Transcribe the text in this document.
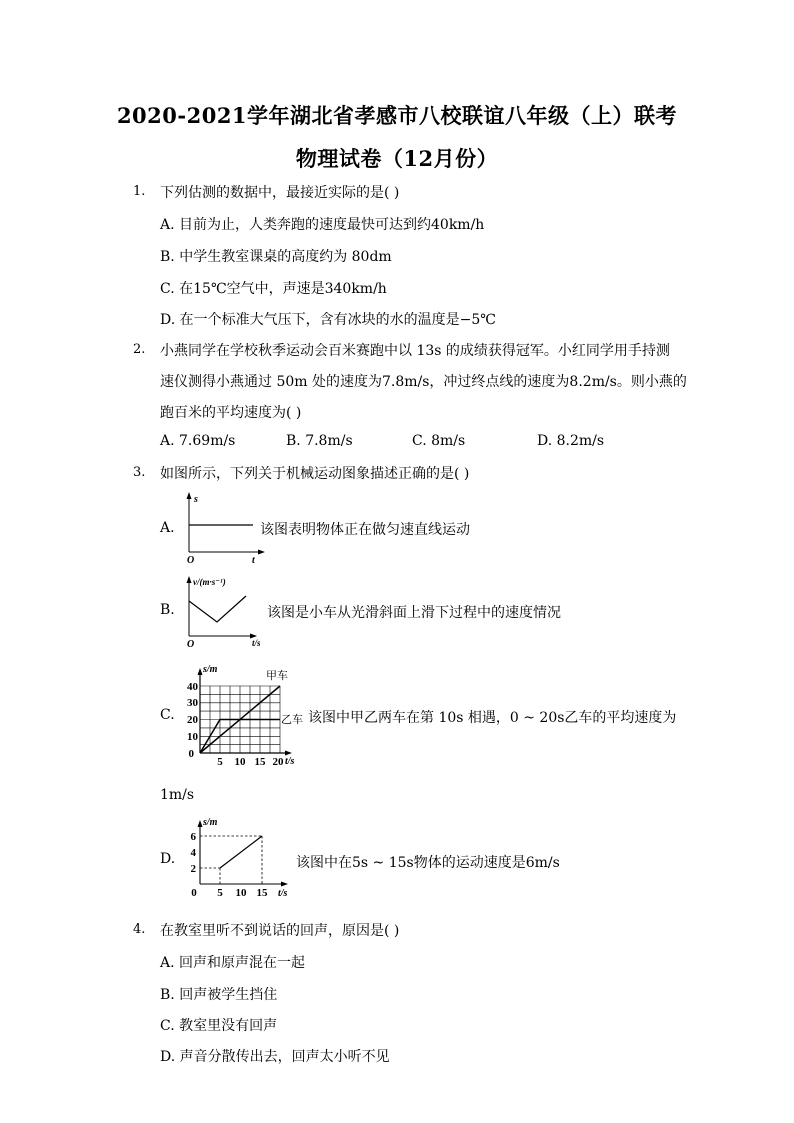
2020-2021学年湖北省孝感市八校联谊八年级（上）联考
物理试卷（12月份）
1. 下列估测的数据中，最接近实际的是( )
A. 目前为止，人类奔跑的速度最快可达到约40km/h
B. 中学生教室课桌的高度约为 80dm
C. 在15℃空气中，声速是340km/h
D. 在一个标准大气压下，含有冰块的水的温度是−5℃
2. 小燕同学在学校秋季运动会百米赛跑中以 13s 的成绩获得冠军。小红同学用手持测
速仪测得小燕通过 50m 处的速度为7.8m/s，冲过终点线的速度为8.2m/s。则小燕的
跑百米的平均速度为( )
A. 7.69m/s	B. 7.8m/s	C. 8m/s	D. 8.2m/s
3. 如图所示，下列关于机械运动图象描述正确的是( )
A.
s
t
O
该图表明物体正在做匀速直线运动
B.
v/(m·s⁻¹)
t/s
O
该图是小车从光滑斜面上滑下过程中的速度情况
C.
s/m
t/s
0
10
20
30
40
5 10 15 20
甲车
乙车 该图中甲乙两车在第 10s 相遇，0 ~ 20s乙车的平均速度为
1m/s
D.
s/m
t/s
0
2
4
6
5 10 15
该图中在5s ~ 15s物体的运动速度是6m/s
4. 在教室里听不到说话的回声，原因是( )
A. 回声和原声混在一起
B. 回声被学生挡住
C. 教室里没有回声
D. 声音分散传出去，回声太小听不见
